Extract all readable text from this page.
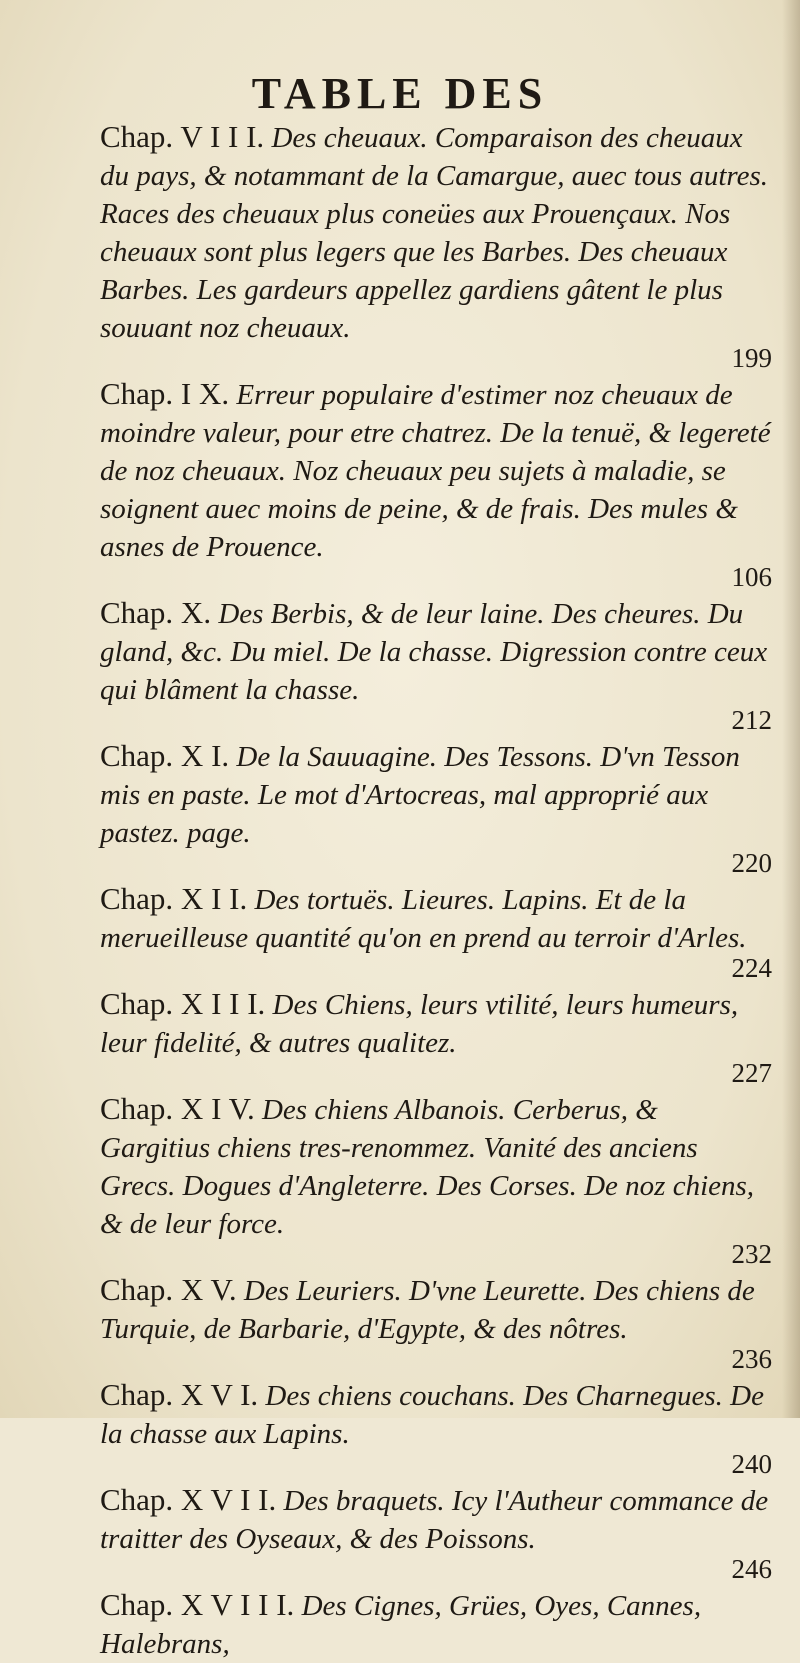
TABLE DES

Chap. V I I I. Des cheuaux. Comparaison des cheuaux du pays, & notammant de la Camargue, auec tous autres. Races des cheuaux plus coneües aux Prouençaux. Nos cheuaux sont plus legers que les Barbes. Des cheuaux Barbes. Les gardeurs appellez gardiens gâtent le plus souuant noz cheuaux.
199

Chap. I X. Erreur populaire d'estimer noz cheuaux de moindre valeur, pour etre chatrez. De la tenuë, & legereté de noz cheuaux. Noz cheuaux peu sujets à maladie, se soignent auec moins de peine, & de frais. Des mules & asnes de Prouence.
106

Chap. X. Des Berbis, & de leur laine. Des cheures. Du gland, &c. Du miel. De la chasse. Digression contre ceux qui blâment la chasse.
212

Chap. X I. De la Sauuagine. Des Tessons. D'vn Tesson mis en paste. Le mot d'Artocreas, mal approprié aux pastez. page.
220

Chap. X I I. Des tortuës. Lieures. Lapins. Et de la merueilleuse quantité qu'on en prend au terroir d'Arles.
224

Chap. X I I I. Des Chiens, leurs vtilité, leurs humeurs, leur fidelité, & autres qualitez.
227

Chap. X I V. Des chiens Albanois. Cerberus, & Gargitius chiens tres-renommez. Vanité des anciens Grecs. Dogues d'Angleterre. Des Corses. De noz chiens, & de leur force.
232

Chap. X V. Des Leuriers. D'vne Leurette. Des chiens de Turquie, de Barbarie, d'Egypte, & des nôtres.
236

Chap. X V I. Des chiens couchans. Des Charnegues. De la chasse aux Lapins.
240

Chap. X V I I. Des braquets. Icy l'Autheur commance de traitter des Oyseaux, & des Poissons.
246

Chap. X V I I I. Des Cignes, Grües, Oyes, Cannes, Halebrans,
